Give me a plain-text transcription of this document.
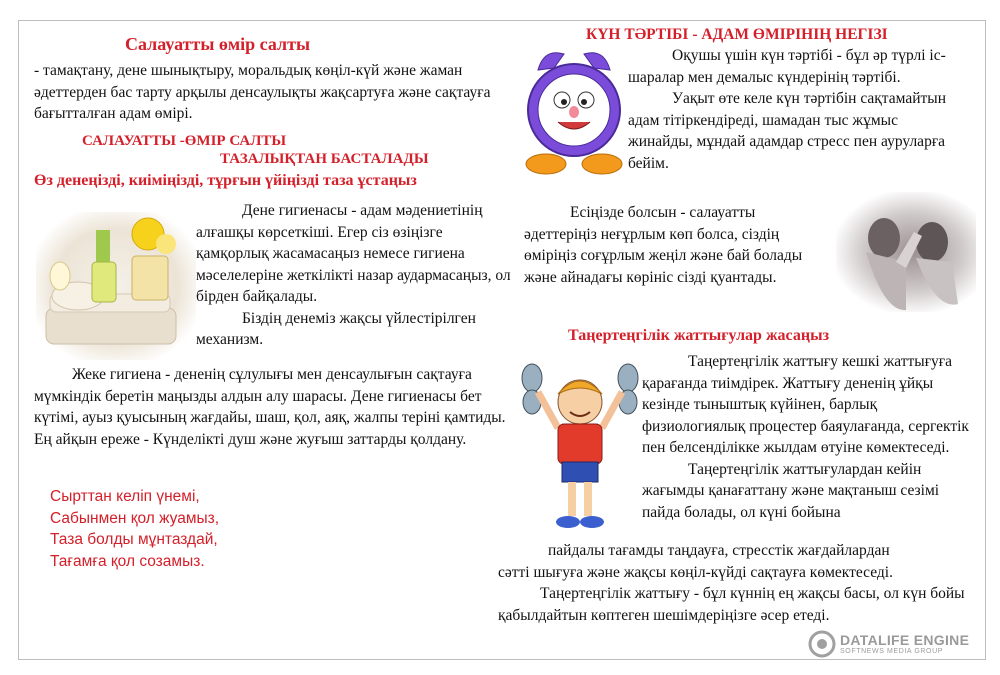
Салауатты өмір салты
- тамақтану, дене шынықтыру, моральдық көңіл-күй және жаман әдеттерден бас тарту арқылы денсаулықты жақсартуға және сақтауға бағытталған адам өмірі.
САЛАУАТТЫ -ӨМІР САЛТЫ
ТАЗАЛЫҚТАН БАСТАЛАДЫ
Өз денеңізді, киіміңізді, тұрғын үйіңізді таза ұстаңыз
Дене гигиенасы - адам мәдениетінің алғашқы көрсеткіші. Егер сіз өзіңізге қамқорлық жасамасаңыз немесе гигиена мәселелеріне жеткілікті назар аудармасаңыз, ол бірден байқалады.
Біздің денеміз жақсы үйлестірілген механизм.
Жеке гигиена - дененің сұлулығы мен денсаулығын сақтауға мүмкіндік беретін маңызды алдын алу шарасы. Дене гигиенасы бет күтімі, ауыз қуысының жағдайы, шаш, қол, аяқ, жалпы теріні қамтиды. Ең айқын ереже - Күнделікті душ және жуғыш заттарды қолдану.
Сырттан келіп үнемі,
Сабынмен қол жуамыз,
Таза болды мұнтаздай,
Тағамға қол созамыз.
КҮН ТӘРТІБІ - АДАМ ӨМІРІНІҢ НЕГІЗІ
Оқушы үшін күн тәртібі - бұл әр түрлі іс-шаралар мен демалыс күндерінің тәртібі.
Уақыт өте келе күн тәртібін сақтамайтын адам тітіркендіреді, шамадан тыс жұмыс жинайды, мұндай адамдар стресс пен ауруларға бейім.
Есіңізде болсын - салауатты әдеттеріңіз неғұрлым көп болса, сіздің өміріңіз соғұрлым жеңіл және бай болады және айнадағы көрініс сізді қуантады.
Таңертеңгілік жаттығулар жасаңыз
Таңертеңгілік жаттығу кешкі жаттығуға қарағанда тиімдірек. Жаттығу дененің ұйқы кезінде тыныштық күйінен, барлық физиологиялық процестер баяулағанда, сергектік пен белсенділікке жылдам өтуіне көмектеседі.
Таңертеңгілік жаттығулардан кейін жағымды қанағаттану және мақтаныш сезімі пайда болады, ол күні бойына
пайдалы тағамды таңдауға, стресстік жағдайлардан
сәтті шығуға және жақсы көңіл-күйді сақтауға көмектеседі.
Таңертеңгілік жаттығу - бұл күннің ең жақсы басы, ол күн бойы қабылдайтын көптеген шешімдеріңізге әсер етеді.
DATALIFE ENGINE
SOFTNEWS MEDIA GROUP
